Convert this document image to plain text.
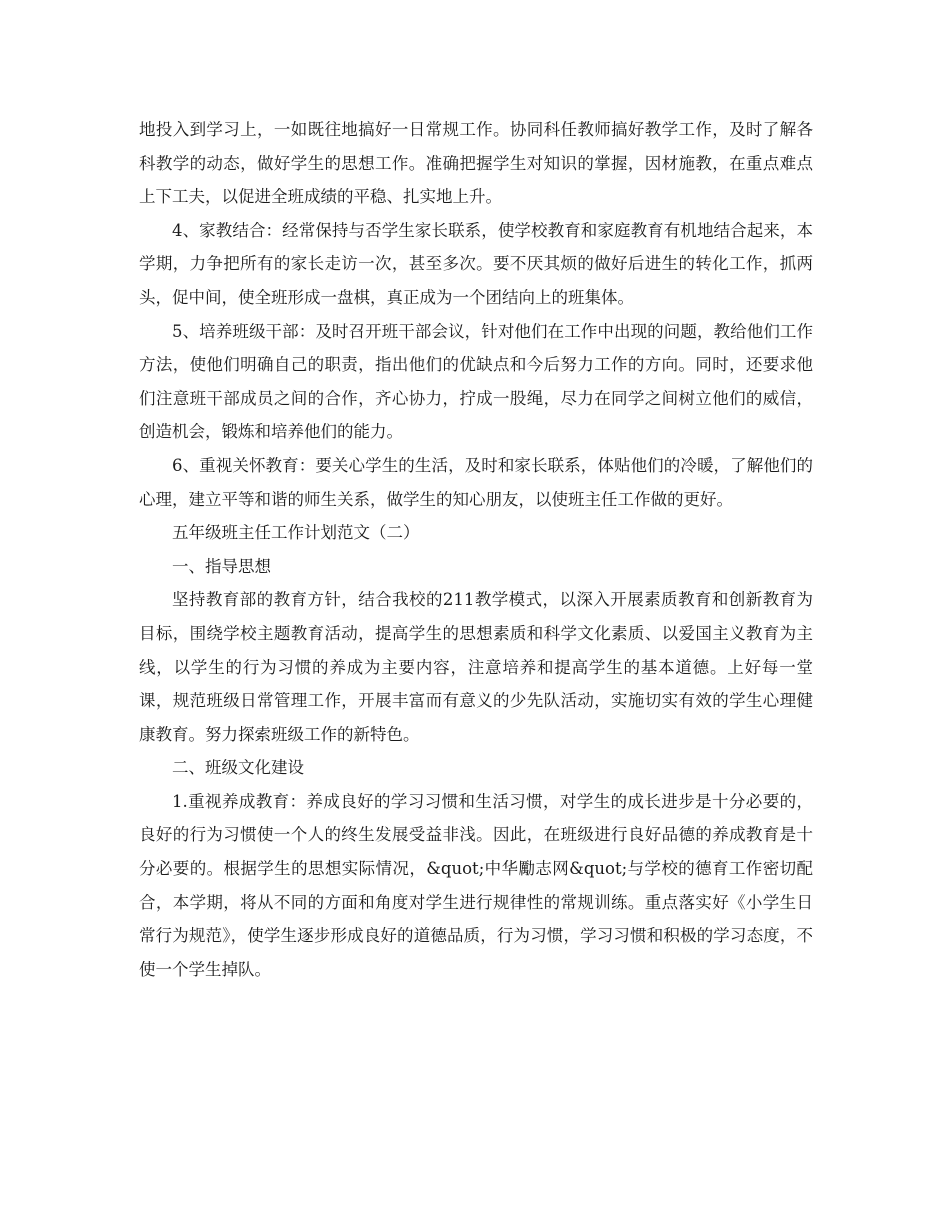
地投入到学习上，一如既往地搞好一日常规工作。协同科任教师搞好教学工作，及时了解各科教学的动态，做好学生的思想工作。准确把握学生对知识的掌握，因材施教，在重点难点上下工夫，以促进全班成绩的平稳、扎实地上升。

4、家教结合：经常保持与否学生家长联系，使学校教育和家庭教育有机地结合起来，本学期，力争把所有的家长走访一次，甚至多次。要不厌其烦的做好后进生的转化工作，抓两头，促中间，使全班形成一盘棋，真正成为一个团结向上的班集体。

5、培养班级干部：及时召开班干部会议，针对他们在工作中出现的问题，教给他们工作方法，使他们明确自己的职责，指出他们的优缺点和今后努力工作的方向。同时，还要求他们注意班干部成员之间的合作，齐心协力，拧成一股绳，尽力在同学之间树立他们的威信，创造机会，锻炼和培养他们的能力。

6、重视关怀教育：要关心学生的生活，及时和家长联系，体贴他们的冷暖，了解他们的心理，建立平等和谐的师生关系，做学生的知心朋友，以使班主任工作做的更好。

五年级班主任工作计划范文（二）

一、指导思想

坚持教育部的教育方针，结合我校的211教学模式，以深入开展素质教育和创新教育为目标，围绕学校主题教育活动，提高学生的思想素质和科学文化素质、以爱国主义教育为主线，以学生的行为习惯的养成为主要内容，注意培养和提高学生的基本道德。上好每一堂课，规范班级日常管理工作，开展丰富而有意义的少先队活动，实施切实有效的学生心理健康教育。努力探索班级工作的新特色。

二、班级文化建设

1.重视养成教育：养成良好的学习习惯和生活习惯，对学生的成长进步是十分必要的，良好的行为习惯使一个人的终生发展受益非浅。因此，在班级进行良好品德的养成教育是十分必要的。根据学生的思想实际情况，&quot;中华勵志网&quot;与学校的德育工作密切配合，本学期，将从不同的方面和角度对学生进行规律性的常规训练。重点落实好《小学生日常行为规范》，使学生逐步形成良好的道德品质，行为习惯，学习习惯和积极的学习态度，不使一个学生掉队。
